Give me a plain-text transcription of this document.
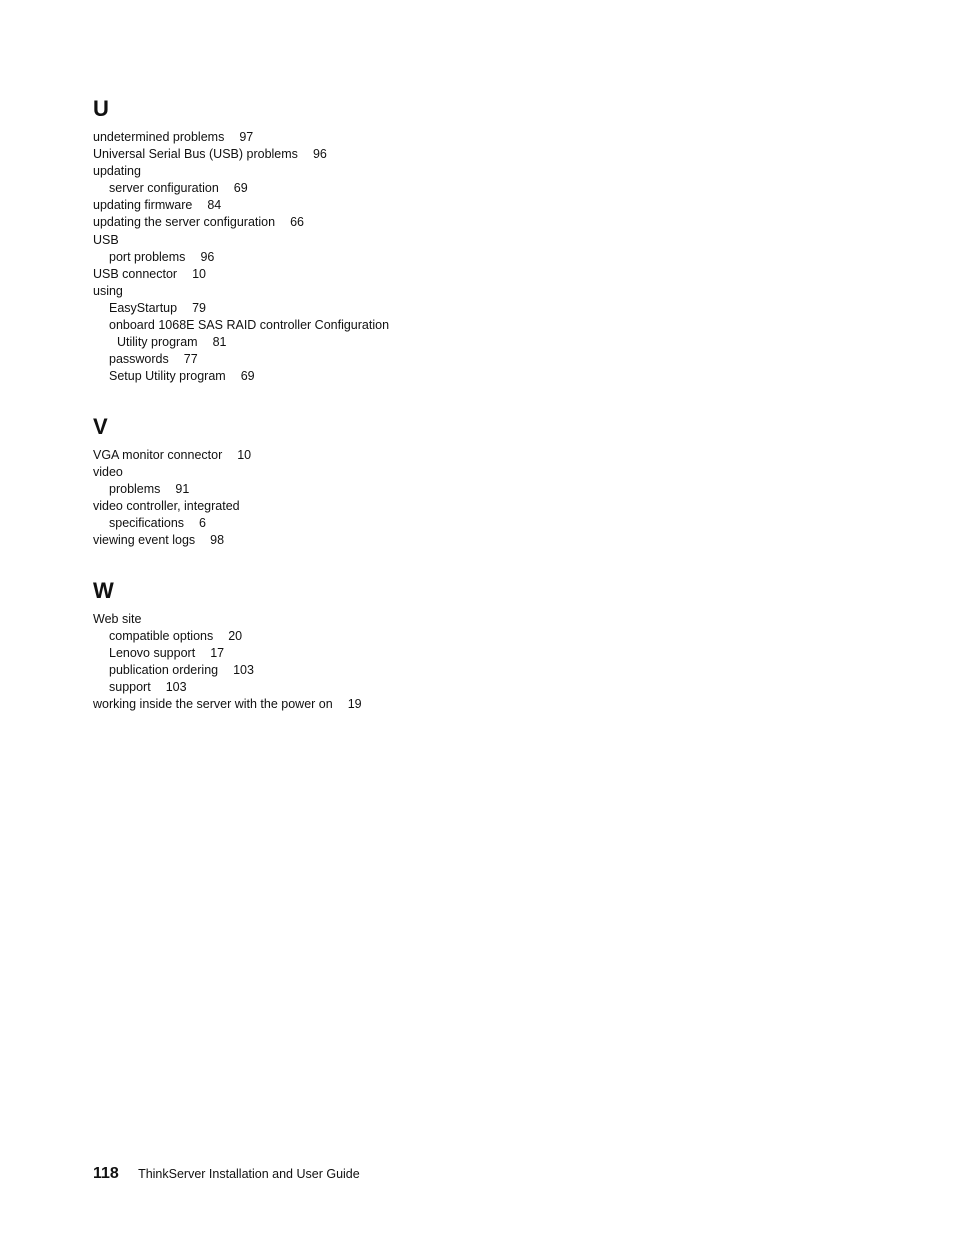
U
undetermined problems 97
Universal Serial Bus (USB) problems 96
updating
server configuration 69
updating firmware 84
updating the server configuration 66
USB
port problems 96
USB connector 10
using
EasyStartup 79
onboard 1068E SAS RAID controller Configuration
Utility program 81
passwords 77
Setup Utility program 69
V
VGA monitor connector 10
video
problems 91
video controller, integrated
specifications 6
viewing event logs 98
W
Web site
compatible options 20
Lenovo support 17
publication ordering 103
support 103
working inside the server with the power on 19
118 ThinkServer Installation and User Guide
